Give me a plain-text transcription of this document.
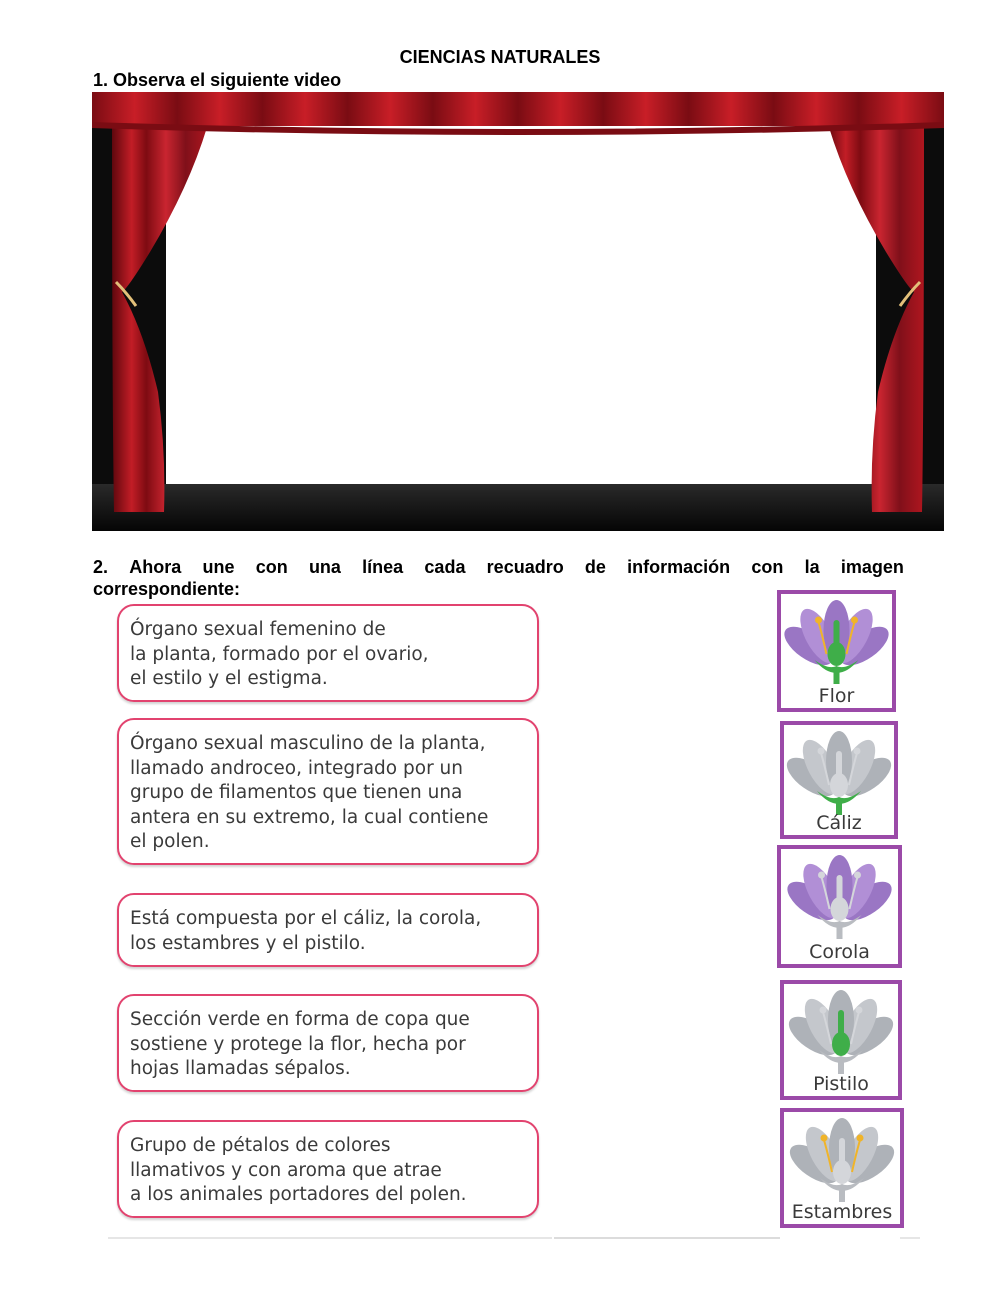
CIENCIAS NATURALES
1. Observa el siguiente video
2. Ahora une con una línea cada recuadro de información con la imagen
correspondiente:
Órgano sexual femenino de
la planta, formado por el ovario,
el estilo y el estigma.
Órgano sexual masculino de la planta,
llamado androceo, integrado por un
grupo de filamentos que tienen una
antera en su extremo, la cual contiene
el polen.
Está compuesta por el cáliz, la corola,
los estambres y el pistilo.
Sección verde en forma de copa que
sostiene y protege la flor, hecha por
hojas llamadas sépalos.
Grupo de pétalos de colores
llamativos y con aroma que atrae
a los animales portadores del polen.
Flor
Cáliz
Corola
Pistilo
Estambres
